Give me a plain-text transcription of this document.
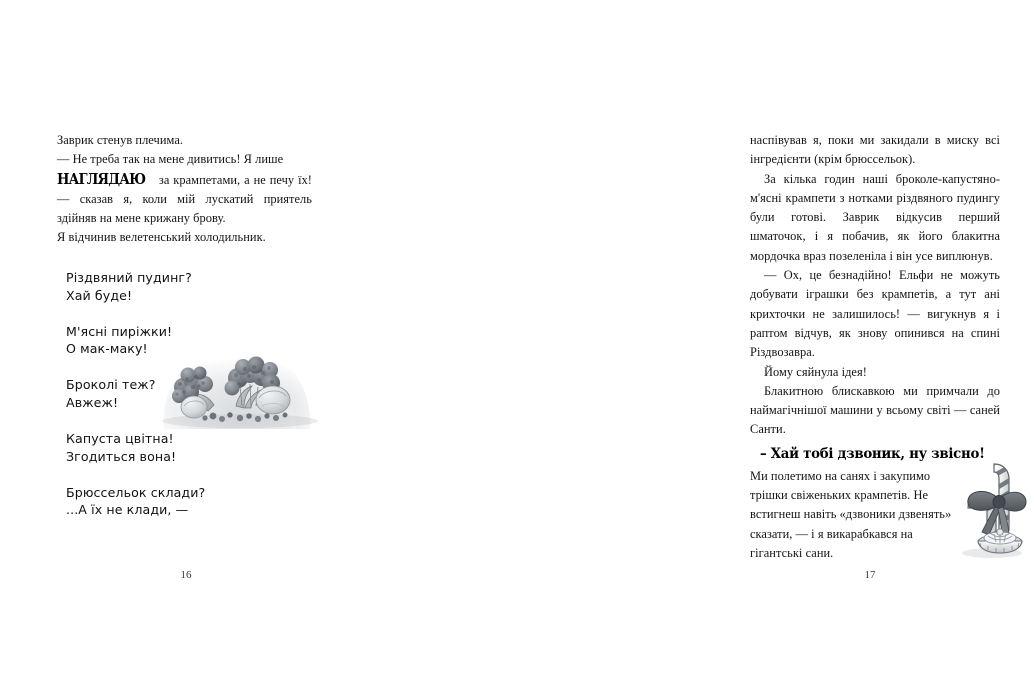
Заврик стенув плечима.

— Не треба так на мене дивитись! Я лише
НАГЛЯДАЮ за крампетами, а не печу їх! — сказав я, коли мій лускатий приятель здійняв на мене крижану брову.

Я відчинив велетенський холодильник.

Різдвяний пудинг?
Хай буде!
М'ясні пиріжки!
О мак-маку!
Броколі теж?
Авжеж!
Капуста цвітна!
Згодиться вона!
Брюссельок склади?
...А їх не клади, —
16

наспівував я, поки ми закидали в миску всі інгредієнти (крім брюссельок).

За кілька годин наші броколе-капустяно-м'ясні крампети з нотками різдвяного пудингу були готові. Заврик відкусив перший шматочок, і я побачив, як його блакитна мордочка враз позеленіла і він усе виплюнув.

— Ох, це безнадійно! Ельфи не можуть добувати іграшки без крампетів, а тут ані крихточки не залишилось! — вигукнув я і раптом відчув, як знову опинився на спині Різдвозавра.

Йому сяйнула ідея!

Блакитною блискавкою ми примчали до наймагічнішої машини у всьому світі — саней Санти.

– Хай тобі дзвоник, ну звісно!

Ми полетимо на санях і закупимо трішки свіженьких крампетів. Не встигнеш навіть «дзвоники дзвенять» сказати, — і я викарабкався на гігантські сани.

17
